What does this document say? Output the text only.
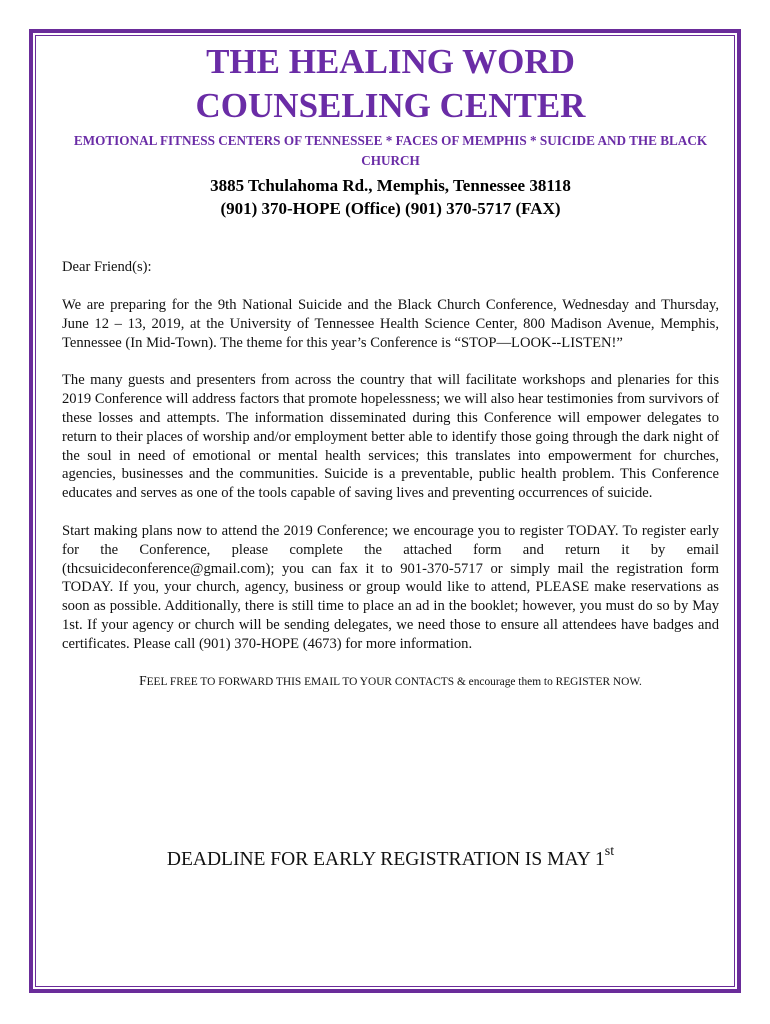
THE HEALING WORD
COUNSELING CENTER

EMOTIONAL FITNESS CENTERS OF TENNESSEE * FACES OF MEMPHIS * SUICIDE AND THE BLACK CHURCH

3885 Tchulahoma Rd., Memphis, Tennessee 38118
(901) 370-HOPE (Office) (901) 370-5717 (FAX)

Dear Friend(s):

We are preparing for the 9th National Suicide and the Black Church Conference, Wednesday and Thursday, June 12 – 13, 2019, at the University of Tennessee Health Science Center, 800 Madison Avenue, Memphis, Tennessee (In Mid-Town). The theme for this year’s Conference is “STOP—LOOK--LISTEN!”

The many guests and presenters from across the country that will facilitate workshops and plenaries for this 2019 Conference will address factors that promote hopelessness; we will also hear testimonies from survivors of these losses and attempts. The information disseminated during this Conference will empower delegates to return to their places of worship and/or employment better able to identify those going through the dark night of the soul in need of emotional or mental health services; this translates into empowerment for churches, agencies, businesses and the communities. Suicide is a preventable, public health problem. This Conference educates and serves as one of the tools capable of saving lives and preventing occurrences of suicide.

Start making plans now to attend the 2019 Conference; we encourage you to register TODAY. To register early for the Conference, please complete the attached form and return it by email (thcsuicideconference@gmail.com); you can fax it to 901-370-5717 or simply mail the registration form TODAY. If you, your church, agency, business or group would like to attend, PLEASE make reservations as soon as possible. Additionally, there is still time to place an ad in the booklet; however, you must do so by May 1st. If your agency or church will be sending delegates, we need those to ensure all attendees have badges and certificates. Please call (901) 370-HOPE (4673) for more information.

FEEL FREE TO FORWARD THIS EMAIL TO YOUR CONTACTS & encourage them to REGISTER NOW.

DEADLINE FOR EARLY REGISTRATION IS MAY 1st
